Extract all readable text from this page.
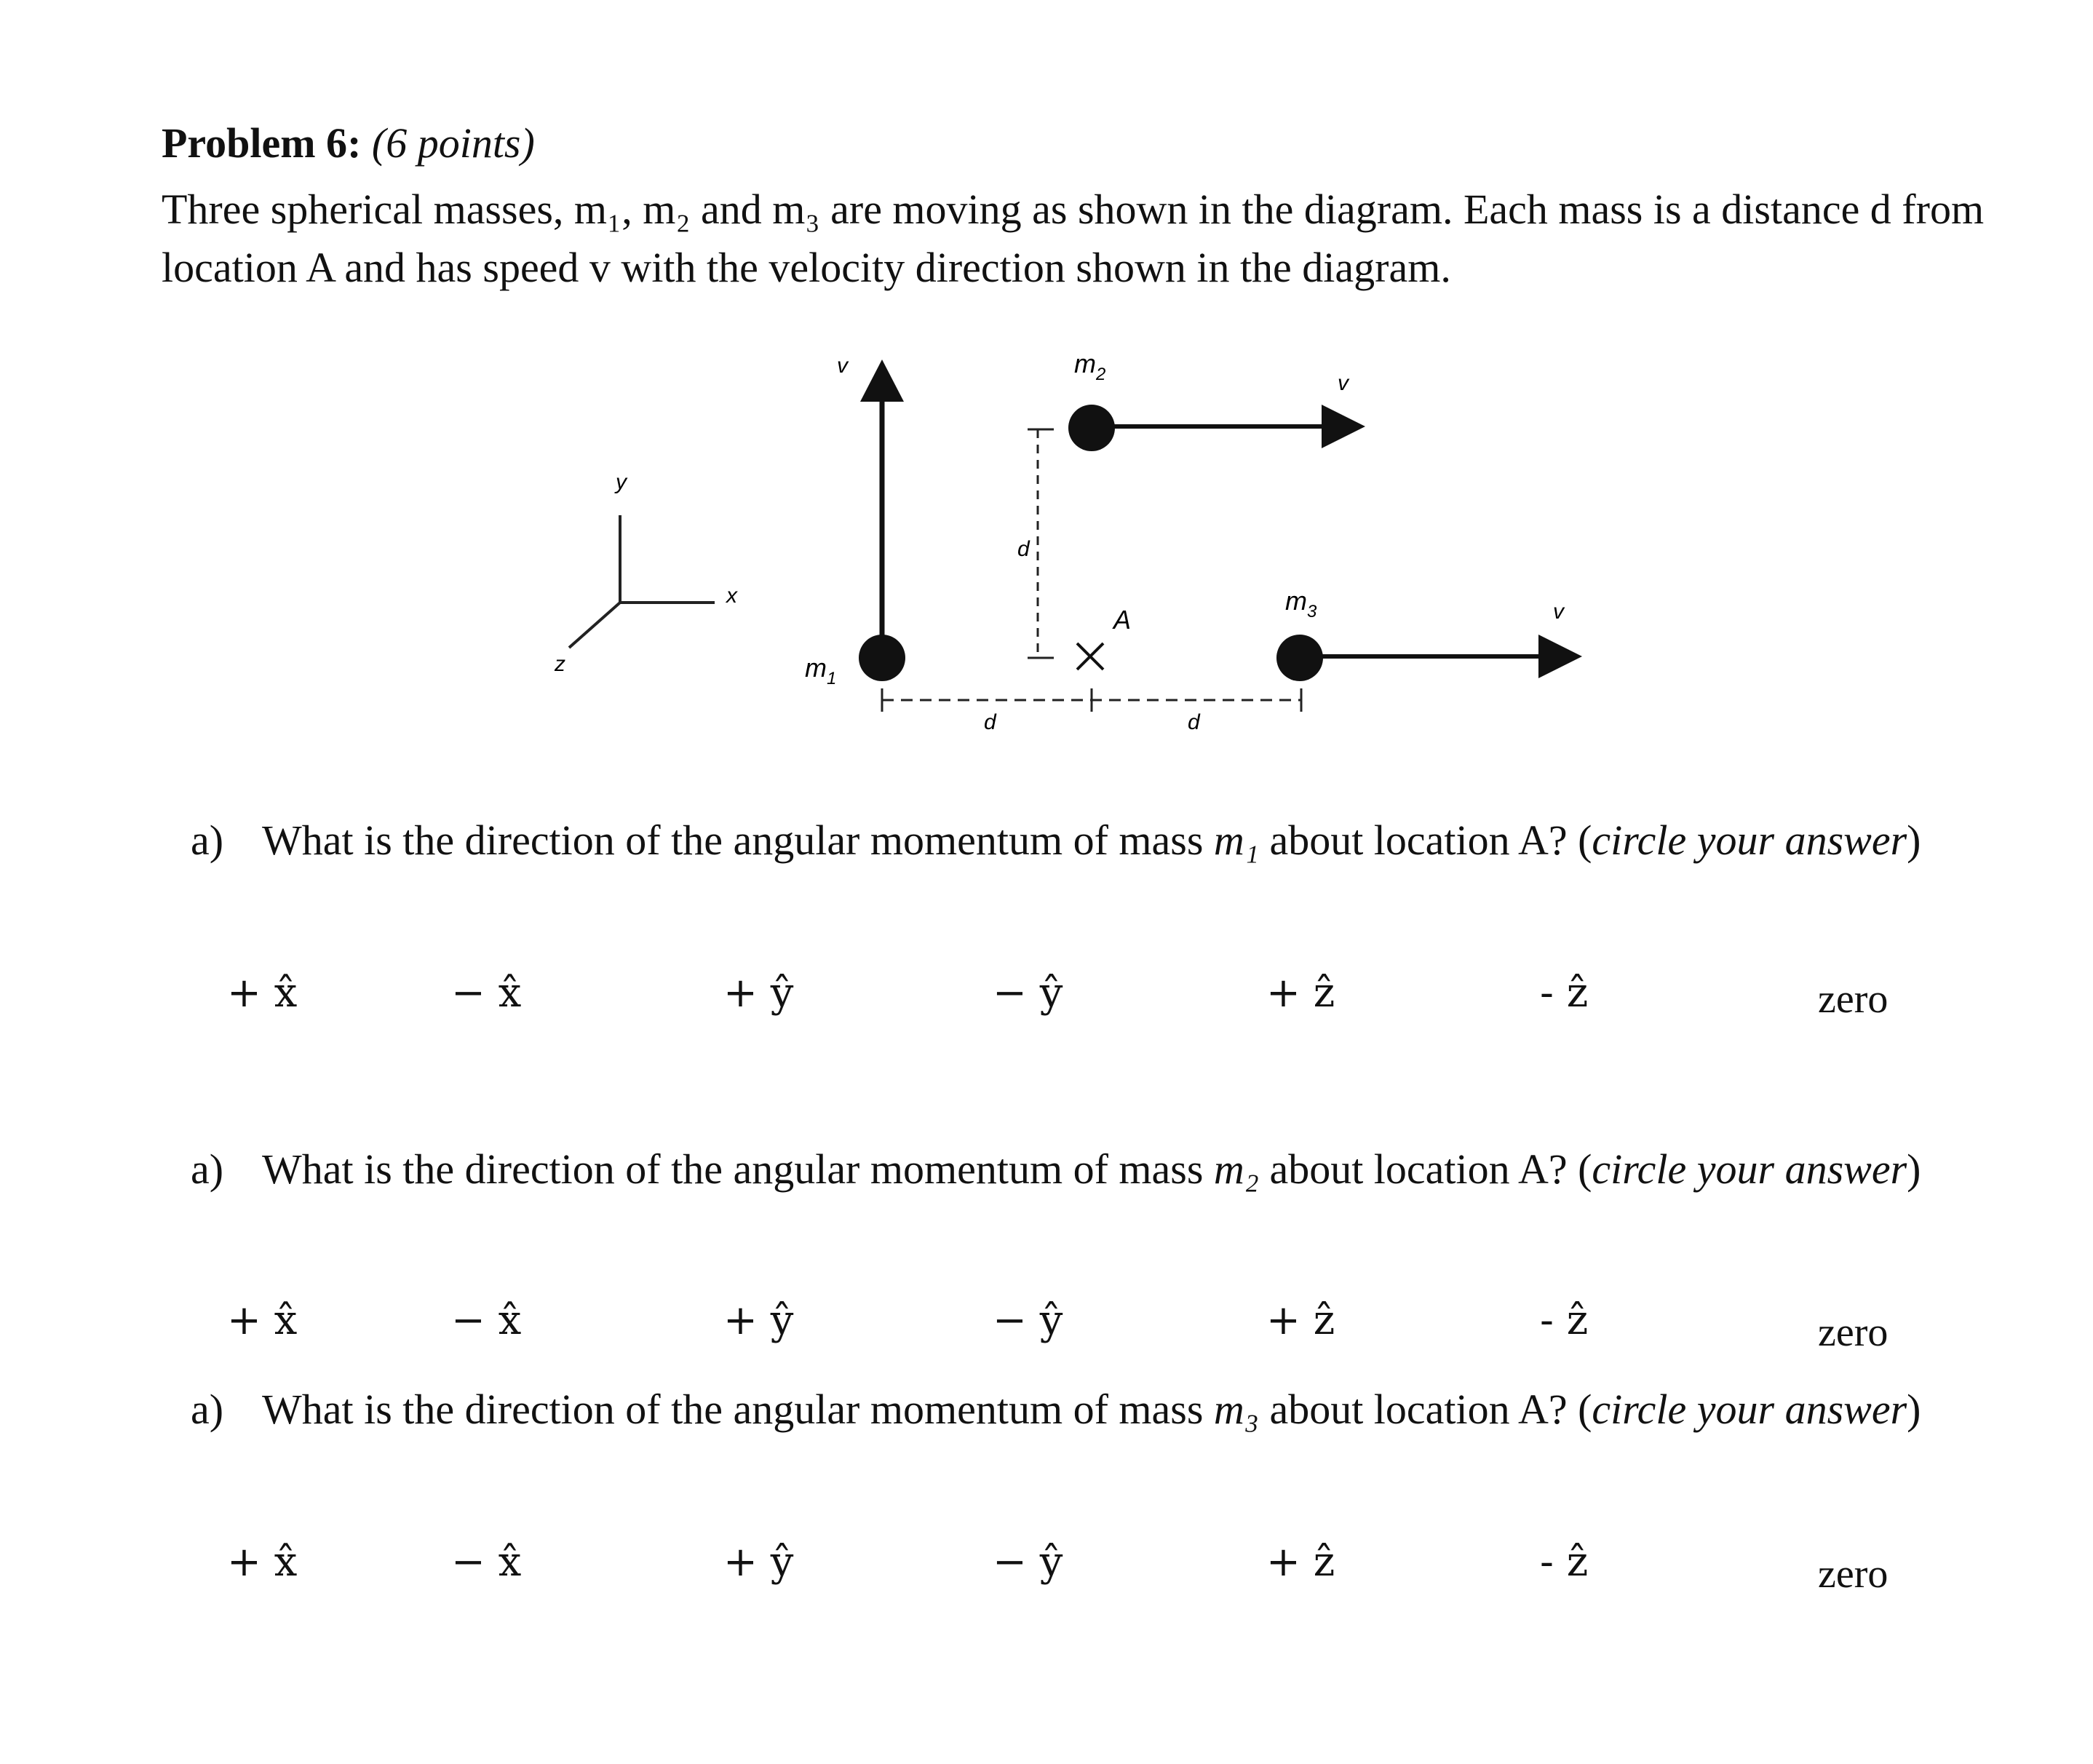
Problem 6: (6 points)
Three spherical masses, m₁, m₂ and m₃ are moving as shown in the diagram. Each mass is a distance d from
location A and has speed v with the velocity direction shown in the diagram.
y
x
z
v
$m_1$
v
$m_2$
v
$m_3$
A
d
d	d
a) What is the direction of the angular momentum of mass m₁ about location A? (circle your answer)
+ x̂	− x̂	+ ŷ	− ŷ	+ ẑ	- ẑ	zero
a) What is the direction of the angular momentum of mass m₂ about location A? (circle your answer)
+ x̂	− x̂	+ ŷ	− ŷ	+ ẑ	- ẑ	zero
a) What is the direction of the angular momentum of mass m₃ about location A? (circle your answer)
+ x̂	− x̂	+ ŷ	− ŷ	+ ẑ	- ẑ	zero
